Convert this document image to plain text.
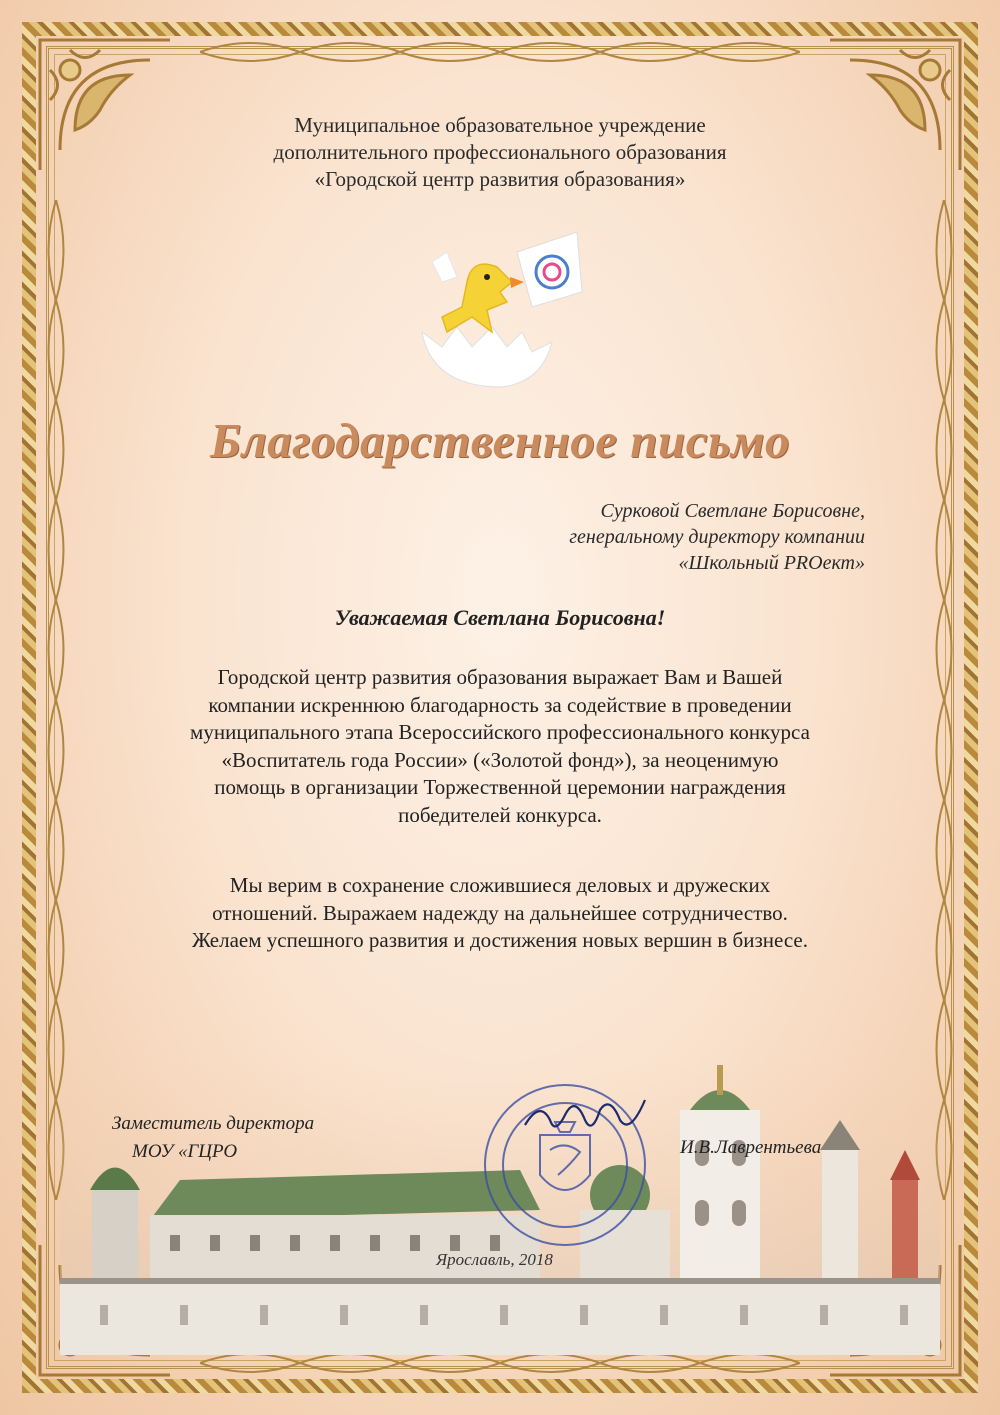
Муниципальное образовательное учреждение
дополнительного профессионального образования
«Городской центр развития образования»
Благодарственное письмо
Сурковой Светлане Борисовне,
генеральному директору компании
«Школьный PROект»
Уважаемая Светлана Борисовна!
Городской центр развития образования выражает Вам и Вашей
компании искреннюю благодарность за содействие в проведении
муниципального этапа Всероссийского профессионального конкурса
«Воспитатель года России» («Золотой фонд»), за неоценимую
помощь в организации Торжественной церемонии награждения
победителей конкурса.
Мы верим в сохранение сложившиеся деловых и дружеских
отношений. Выражаем надежду на дальнейшее сотрудничество.
Желаем успешного развития и достижения новых вершин в бизнесе.
Заместитель директора
МОУ «ГЦРО	И.В.Лаврентьева
Ярославль, 2018
